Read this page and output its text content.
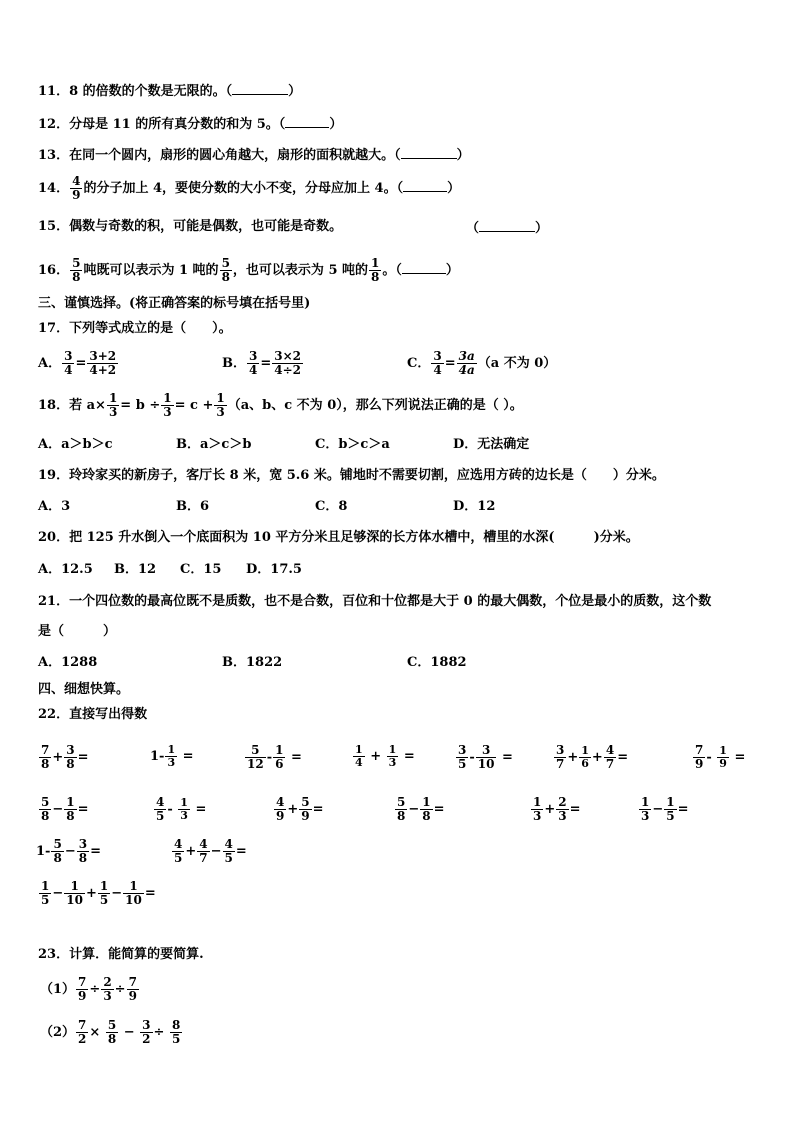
11．8 的倍数的个数是无限的。（	）
12．分母是 11 的所有真分数的和为 5。（	）
13．在同一个圆内，扇形的圆心角越大，扇形的面积就越大。（	）
14． $\frac{4}{9}$ 的分子加上 4，要使分数的大小不变，分母应加上 4。（	）
15．偶数与奇数的积，可能是偶数，也可能是奇数。	（	）
16． $\frac{5}{8}$ 吨既可以表示为 1 吨的 $\frac{5}{8}$ ，也可以表示为 5 吨的 $\frac{1}{8}$ 。（	）
三、谨慎选择。(将正确答案的标号填在括号里)
17．下列等式成立的是（　　）。
A． $\frac{3}{4} = \frac{3+2}{4+2}$	B． $\frac{3}{4} = \frac{3\times 2}{4\div 2}$	C． $\frac{3}{4} = \frac{3a}{4a} (a$ 不为 0）
18．若 $a\times \frac{1}{3} = b \div \frac{1}{3} = c + \frac{1}{3} (a$、b、c 不为 0），那么下列说法正确的是（ ）。
A．a＞b＞c	B．a＞c＞b	C．b＞c＞a	D．无法确定
19．玲玲家买的新房子，客厅长 8 米，宽 5.6 米。铺地时不需要切割，应选用方砖的边长是（　　）分米。
A．3	B．6	C．8	D．12
20．把 125 升水倒入一个底面积为 10 平方分米且足够深的长方体水槽中，槽里的水深(　　　)分米。
A．12.5 B．12 C．15 D．17.5
21．一个四位数的最高位既不是质数，也不是合数，百位和十位都是大于 0 的最大偶数，个位是最小的质数，这个数
是（　　　）
A．1288	B．1822	C．1882
四、细想快算。
22．直接写出得数
$\frac{7}{8} + \frac{3}{8}$ =	$1- \frac{1}{3}$ =	$\frac{5}{12} - \frac{1}{6}$ =	$\frac{1}{4} + \frac{1}{3}$ =	$\frac{3}{5} - \frac{3}{10}$ =	$\frac{3}{7} + \frac{1}{6} + \frac{4}{7}$ =	$\frac{7}{9} - \frac{1}{9}$ =
$\frac{5}{8} - \frac{1}{8}$ =	$\frac{4}{5} - \frac{1}{3}$ =	$\frac{4}{9} + \frac{5}{9}$ =	$\frac{5}{8} - \frac{1}{8}$ =	$\frac{1}{3} + \frac{2}{3}$ =	$\frac{1}{3} - \frac{1}{5}$ =
$1- \frac{5}{8} - \frac{3}{8}$ =	$\frac{4}{5} + \frac{4}{7} - \frac{4}{5}$ =
$\frac{1}{5} - \frac{1}{10} + \frac{1}{5} - \frac{1}{10}$ =
23．计算．能简算的要简算.
$(1) \frac{7}{9} \div \frac{2}{3} \div \frac{7}{9}$
$(2) \frac{7}{2} \times \frac{5}{8} - \frac{3}{2} \div \frac{8}{5}$
